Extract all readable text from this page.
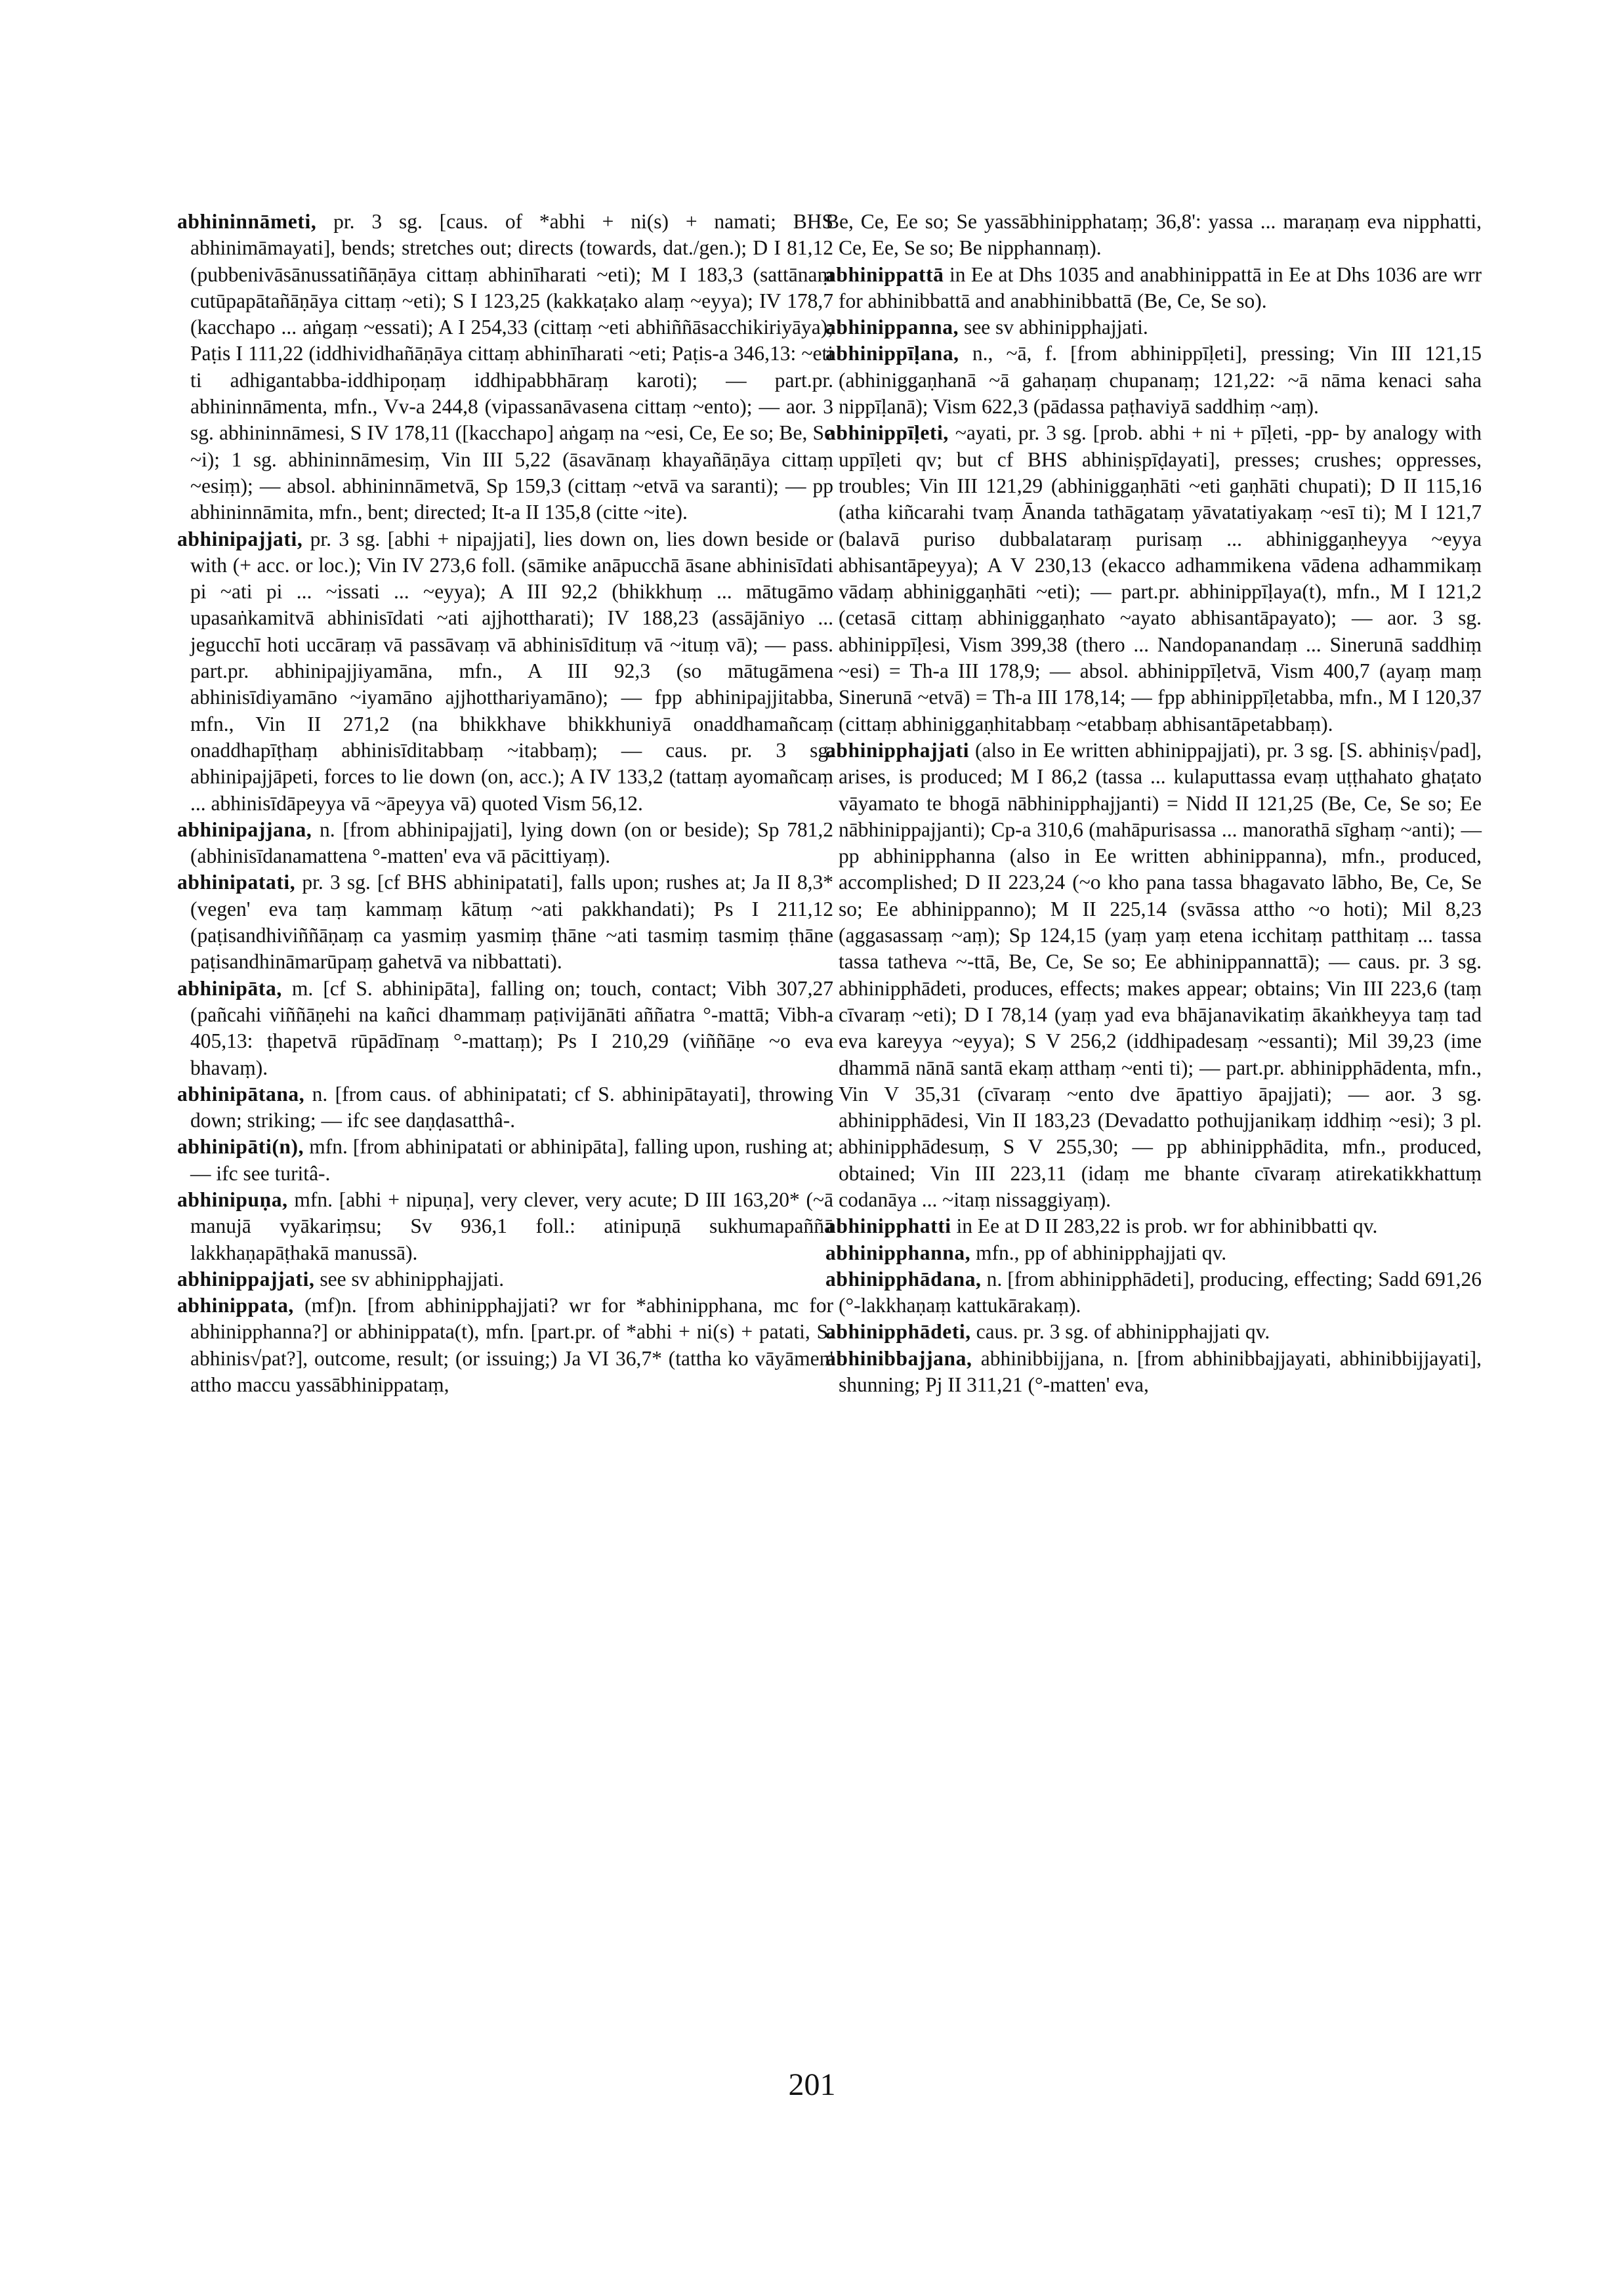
abhininnāmeti, pr. 3 sg. [caus. of *abhi + ni(s) + namati; BHS abhinimāmayati], bends; stretches out; directs (towards, dat./gen.); D I 81,12 (pubbenivāsānussatiñāṇāya cittaṃ abhinīharati ~eti); M I 183,3 (sattānaṃ cutūpapātañāṇāya cittaṃ ~eti); S I 123,25 (kakkaṭako alaṃ ~eyya); IV 178,7 (kacchapo ... aṅgaṃ ~essati); A I 254,33 (cittaṃ ~eti abhiññāsacchikiriyāya); Paṭis I 111,22 (iddhividhañāṇāya cittaṃ abhinīharati ~eti; Paṭis-a 346,13: ~eti ti adhigantabba-iddhipoṇaṃ iddhipabbhāraṃ karoti); — part.pr. abhininnāmenta, mfn., Vv-a 244,8 (vipassanāvasena cittaṃ ~ento); — aor. 3 sg. abhininnāmesi, S IV 178,11 ([kacchapo] aṅgaṃ na ~esi, Ce, Ee so; Be, Se ~i); 1 sg. abhininnāmesiṃ, Vin III 5,22 (āsavānaṃ khayañāṇāya cittaṃ ~esiṃ); — absol. abhininnāmetvā, Sp 159,3 (cittaṃ ~etvā va saranti); — pp abhininnāmita, mfn., bent; directed; It-a II 135,8 (citte ~ite).

abhinipajjati, pr. 3 sg. [abhi + nipajjati], lies down on, lies down beside or with (+ acc. or loc.); Vin IV 273,6 foll. (sāmike anāpucchā āsane abhinisīdati pi ~ati pi ... ~issati ... ~eyya); A III 92,2 (bhikkhuṃ ... mātugāmo upasaṅkamitvā abhinisīdati ~ati ajjhottharati); IV 188,23 (assājāniyo ... jegucchī hoti uccāraṃ vā passāvaṃ vā abhinisīdituṃ vā ~ituṃ vā); — pass. part.pr. abhinipajjiyamāna, mfn., A III 92,3 (so mātugāmena abhinisīdiyamāno ~iyamāno ajjhotthariyamāno); — fpp abhinipajjitabba, mfn., Vin II 271,2 (na bhikkhave bhikkhuniyā onaddhamañcaṃ onaddhapīṭhaṃ abhinisīditabbaṃ ~itabbaṃ); — caus. pr. 3 sg. abhinipajjāpeti, forces to lie down (on, acc.); A IV 133,2 (tattaṃ ayomañcaṃ ... abhinisīdāpeyya vā ~āpeyya vā) quoted Vism 56,12.

abhinipajjana, n. [from abhinipajjati], lying down (on or beside); Sp 781,2 (abhinisīdanamattena °-matten' eva vā pācittiyaṃ).

abhinipatati, pr. 3 sg. [cf BHS abhinipatati], falls upon; rushes at; Ja II 8,3* (vegen' eva taṃ kammaṃ kātuṃ ~ati pakkhandati); Ps I 211,12 (paṭisandhiviññāṇaṃ ca yasmiṃ yasmiṃ ṭhāne ~ati tasmiṃ tasmiṃ ṭhāne paṭisandhināmarūpaṃ gahetvā va nibbattati).

abhinipāta, m. [cf S. abhinipāta], falling on; touch, contact; Vibh 307,27 (pañcahi viññāṇehi na kañci dhammaṃ paṭivijānāti aññatra °-mattā; Vibh-a 405,13: ṭhapetvā rūpādīnaṃ °-mattaṃ); Ps I 210,29 (viññāṇe ~o eva bhavaṃ).

abhinipātana, n. [from caus. of abhinipatati; cf S. abhinipātayati], throwing down; striking; — ifc see daṇḍasatthâ-.

abhinipāti(n), mfn. [from abhinipatati or abhinipāta], falling upon, rushing at; — ifc see turitâ-.

abhinipuṇa, mfn. [abhi + nipuṇa], very clever, very acute; D III 163,20* (~ā manujā vyākariṃsu; Sv 936,1 foll.: atinipuṇā sukhumapaññā lakkhaṇapāṭhakā manussā).

abhinippajjati, see sv abhinipphajjati.

abhinippata, (mf)n. [from abhinipphajjati? wr for *abhinipphana, mc for abhinipphanna?] or abhinippata(t), mfn. [part.pr. of *abhi + ni(s) + patati, S. abhinis√pat?], outcome, result; (or issuing;) Ja VI 36,7* (tattha ko vāyāmen' attho maccu yassābhinippataṃ,

Be, Ce, Ee so; Se yassābhinipphataṃ; 36,8': yassa ... maraṇaṃ eva nipphatti, Ce, Ee, Se so; Be nipphannaṃ).

abhinippattā in Ee at Dhs 1035 and anabhinippattā in Ee at Dhs 1036 are wrr for abhinibbattā and anabhinibbattā (Be, Ce, Se so).

abhinippanna, see sv abhinipphajjati.

abhinippīḷana, n., ~ā, f. [from abhinippīḷeti], pressing; Vin III 121,15 (abhiniggaṇhanā ~ā gahaṇaṃ chupanaṃ; 121,22: ~ā nāma kenaci saha nippīḷanā); Vism 622,3 (pādassa paṭhaviyā saddhiṃ ~aṃ).

abhinippīḷeti, ~ayati, pr. 3 sg. [prob. abhi + ni + pīḷeti, -pp- by analogy with uppīḷeti qv; but cf BHS abhiniṣpīḍayati], presses; crushes; oppresses, troubles; Vin III 121,29 (abhiniggaṇhāti ~eti gaṇhāti chupati); D II 115,16 (atha kiñcarahi tvaṃ Ānanda tathāgataṃ yāvatatiyakaṃ ~esī ti); M I 121,7 (balavā puriso dubbalataraṃ purisaṃ ... abhiniggaṇheyya ~eyya abhisantāpeyya); A V 230,13 (ekacco adhammikena vādena adhammikaṃ vādaṃ abhiniggaṇhāti ~eti); — part.pr. abhinippīḷaya(t), mfn., M I 121,2 (cetasā cittaṃ abhiniggaṇhato ~ayato abhisantāpayato); — aor. 3 sg. abhinippīḷesi, Vism 399,38 (thero ... Nandopanandaṃ ... Sinerunā saddhiṃ ~esi) = Th-a III 178,9; — absol. abhinippīḷetvā, Vism 400,7 (ayaṃ maṃ Sinerunā ~etvā) = Th-a III 178,14; — fpp abhinippīḷetabba, mfn., M I 120,37 (cittaṃ abhiniggaṇhitabbaṃ ~etabbaṃ abhisantāpetabbaṃ).

abhinipphajjati (also in Ee written abhinippajjati), pr. 3 sg. [S. abhiniṣ√pad], arises, is produced; M I 86,2 (tassa ... kulaputtassa evaṃ uṭṭhahato ghaṭato vāyamato te bhogā nābhinipphajjanti) = Nidd II 121,25 (Be, Ce, Se so; Ee nābhinippajjanti); Cp-a 310,6 (mahāpurisassa ... manorathā sīghaṃ ~anti); — pp abhinipphanna (also in Ee written abhinippanna), mfn., produced, accomplished; D II 223,24 (~o kho pana tassa bhagavato lābho, Be, Ce, Se so; Ee abhinippanno); M II 225,14 (svāssa attho ~o hoti); Mil 8,23 (aggasassaṃ ~aṃ); Sp 124,15 (yaṃ yaṃ etena icchitaṃ patthitaṃ ... tassa tassa tatheva ~-ttā, Be, Ce, Se so; Ee abhinippannattā); — caus. pr. 3 sg. abhinipphādeti, produces, effects; makes appear; obtains; Vin III 223,6 (taṃ cīvaraṃ ~eti); D I 78,14 (yaṃ yad eva bhājanavikatiṃ ākaṅkheyya taṃ tad eva kareyya ~eyya); S V 256,2 (iddhipadesaṃ ~essanti); Mil 39,23 (ime dhammā nānā santā ekaṃ atthaṃ ~enti ti); — part.pr. abhinipphādenta, mfn., Vin V 35,31 (cīvaraṃ ~ento dve āpattiyo āpajjati); — aor. 3 sg. abhinipphādesi, Vin II 183,23 (Devadatto pothujjanikaṃ iddhiṃ ~esi); 3 pl. abhinipphādesuṃ, S V 255,30; — pp abhinipphādita, mfn., produced, obtained; Vin III 223,11 (idaṃ me bhante cīvaraṃ atirekatikkhattuṃ codanāya ... ~itaṃ nissaggiyaṃ).

abhinipphatti in Ee at D II 283,22 is prob. wr for abhinibbatti qv.

abhinipphanna, mfn., pp of abhinipphajjati qv.

abhinipphādana, n. [from abhinipphādeti], producing, effecting; Sadd 691,26 (°-lakkhaṇaṃ kattukārakaṃ).

abhinipphādeti, caus. pr. 3 sg. of abhinipphajjati qv.

abhinibbajjana, abhinibbijjana, n. [from abhinibbajjayati, abhinibbijjayati], shunning; Pj II 311,21 (°-matten' eva,

201
